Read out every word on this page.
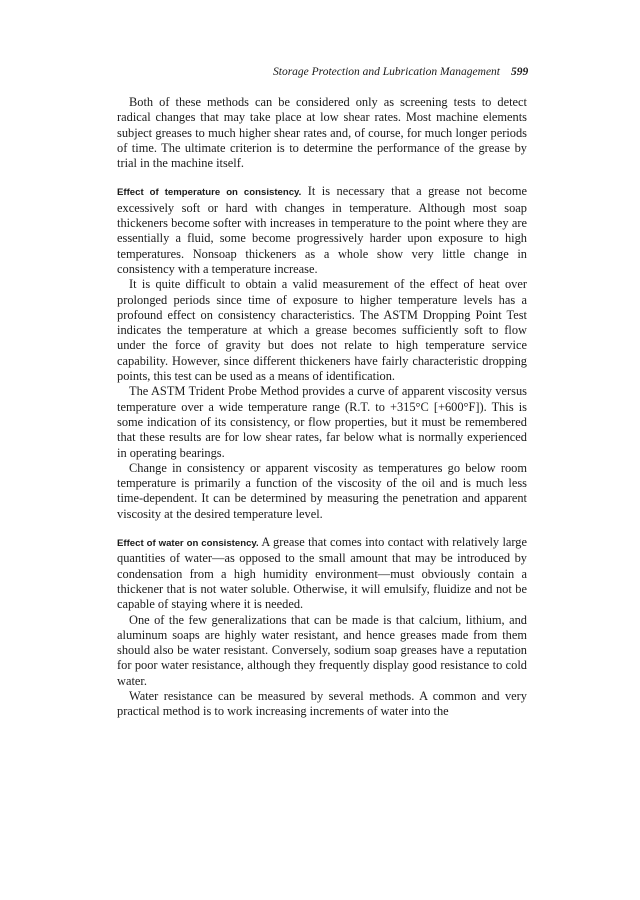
Storage Protection and Lubrication Management 599

Both of these methods can be considered only as screening tests to detect radical changes that may take place at low shear rates. Most machine elements subject greases to much higher shear rates and, of course, for much longer periods of time. The ultimate criterion is to determine the performance of the grease by trial in the machine itself.

Effect of temperature on consistency. It is necessary that a grease not become excessively soft or hard with changes in temperature. Although most soap thickeners become softer with increases in temperature to the point where they are essentially a fluid, some become progressively harder upon exposure to high temperatures. Nonsoap thickeners as a whole show very little change in consistency with a temperature increase.

It is quite difficult to obtain a valid measurement of the effect of heat over prolonged periods since time of exposure to higher temperature levels has a profound effect on consistency characteristics. The ASTM Dropping Point Test indicates the temperature at which a grease becomes sufficiently soft to flow under the force of gravity but does not relate to high temperature service capability. However, since different thickeners have fairly characteristic dropping points, this test can be used as a means of identification.

The ASTM Trident Probe Method provides a curve of apparent viscosity versus temperature over a wide temperature range (R.T. to +315°C [+600°F]). This is some indication of its consistency, or flow properties, but it must be remembered that these results are for low shear rates, far below what is normally experienced in operating bearings.

Change in consistency or apparent viscosity as temperatures go below room temperature is primarily a function of the viscosity of the oil and is much less time-dependent. It can be determined by measuring the penetration and apparent viscosity at the desired temperature level.

Effect of water on consistency. A grease that comes into contact with relatively large quantities of water—as opposed to the small amount that may be introduced by condensation from a high humidity environment—must obviously contain a thickener that is not water soluble. Otherwise, it will emulsify, fluidize and not be capable of staying where it is needed.

One of the few generalizations that can be made is that calcium, lithium, and aluminum soaps are highly water resistant, and hence greases made from them should also be water resistant. Conversely, sodium soap greases have a reputation for poor water resistance, although they frequently display good resistance to cold water.

Water resistance can be measured by several methods. A common and very practical method is to work increasing increments of water into the
